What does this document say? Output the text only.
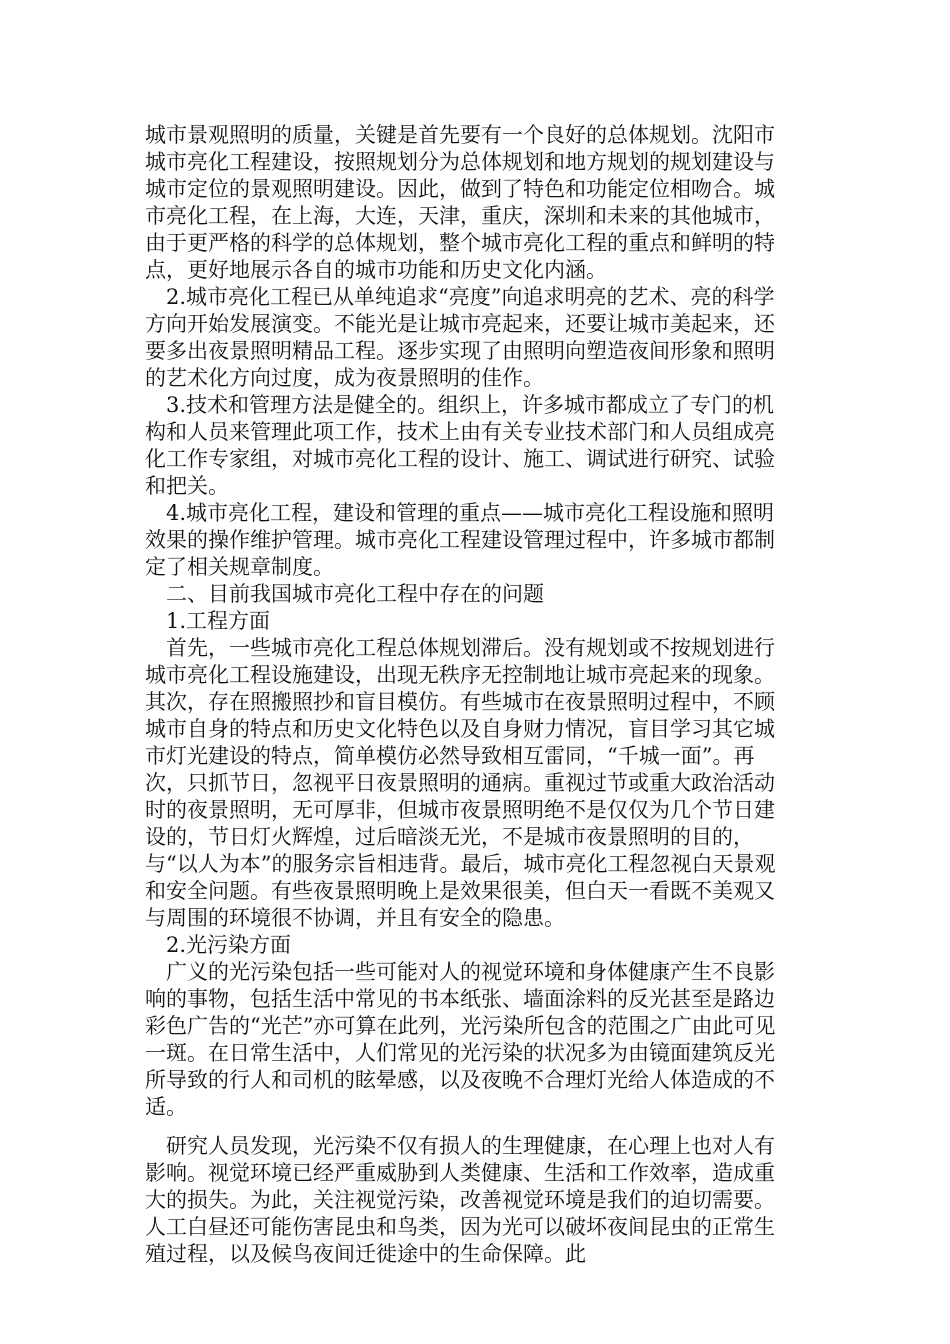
城市景观照明的质量，关键是首先要有一个良好的总体规划。沈阳市城市亮化工程建设，按照规划分为总体规划和地方规划的规划建设与城市定位的景观照明建设。因此，做到了特色和功能定位相吻合。城市亮化工程，在上海，大连，天津，重庆，深圳和未来的其他城市，由于更严格的科学的总体规划，整个城市亮化工程的重点和鲜明的特点，更好地展示各自的城市功能和历史文化内涵。

2.城市亮化工程已从单纯追求“亮度”向追求明亮的艺术、亮的科学方向开始发展演变。不能光是让城市亮起来，还要让城市美起来，还要多出夜景照明精品工程。逐步实现了由照明向塑造夜间形象和照明的艺术化方向过度，成为夜景照明的佳作。

3.技术和管理方法是健全的。组织上，许多城市都成立了专门的机构和人员来管理此项工作，技术上由有关专业技术部门和人员组成亮化工作专家组，对城市亮化工程的设计、施工、调试进行研究、试验和把关。

4.城市亮化工程，建设和管理的重点——城市亮化工程设施和照明效果的操作维护管理。城市亮化工程建设管理过程中，许多城市都制定了相关规章制度。

二、目前我国城市亮化工程中存在的问题

1.工程方面

首先，一些城市亮化工程总体规划滞后。没有规划或不按规划进行城市亮化工程设施建设，出现无秩序无控制地让城市亮起来的现象。其次，存在照搬照抄和盲目模仿。有些城市在夜景照明过程中，不顾城市自身的特点和历史文化特色以及自身财力情况，盲目学习其它城市灯光建设的特点，简单模仿必然导致相互雷同，“千城一面”。再次，只抓节日，忽视平日夜景照明的通病。重视过节或重大政治活动时的夜景照明，无可厚非，但城市夜景照明绝不是仅仅为几个节日建设的，节日灯火辉煌，过后暗淡无光，不是城市夜景照明的目的，与“以人为本”的服务宗旨相违背。最后，城市亮化工程忽视白天景观和安全问题。有些夜景照明晚上是效果很美，但白天一看既不美观又与周围的环境很不协调，并且有安全的隐患。

2.光污染方面

广义的光污染包括一些可能对人的视觉环境和身体健康产生不良影响的事物，包括生活中常见的书本纸张、墙面涂料的反光甚至是路边彩色广告的“光芒”亦可算在此列，光污染所包含的范围之广由此可见一斑。在日常生活中，人们常见的光污染的状况多为由镜面建筑反光所导致的行人和司机的眩晕感，以及夜晚不合理灯光给人体造成的不适。

研究人员发现，光污染不仅有损人的生理健康，在心理上也对人有影响。视觉环境已经严重威胁到人类健康、生活和工作效率，造成重大的损失。为此，关注视觉污染，改善视觉环境是我们的迫切需要。人工白昼还可能伤害昆虫和鸟类，因为光可以破坏夜间昆虫的正常生殖过程，以及候鸟夜间迁徙途中的生命保障。此
